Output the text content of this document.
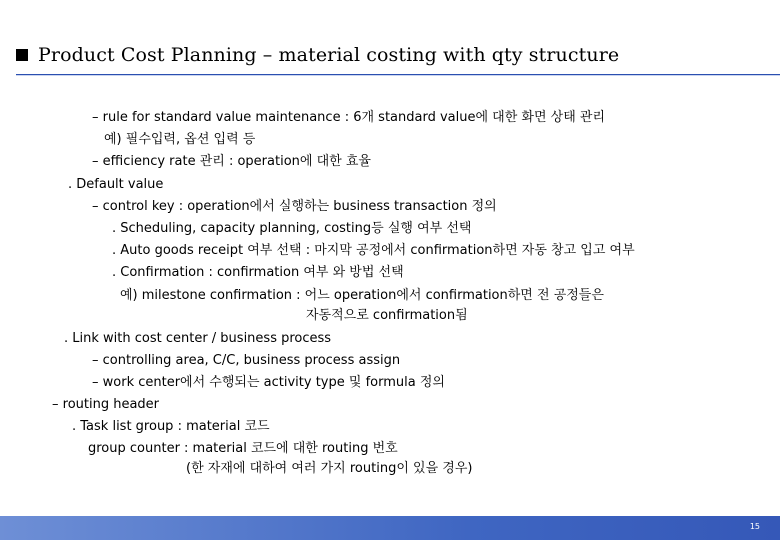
Product Cost Planning – material costing with qty structure
– rule for standard value maintenance : 6개 standard value에 대한 화면 상태 관리
예) 필수입력, 옵션 입력 등
– efficiency rate 관리 : operation에 대한 효율
. Default value
– control key : operation에서 실행하는 business transaction 정의
. Scheduling, capacity planning, costing등 실행 여부 선택
. Auto goods receipt 여부 선택 : 마지막 공정에서 confirmation하면 자동 창고 입고 여부
. Confirmation : confirmation 여부 와 방법 선택
예) milestone confirmation : 어느 operation에서 confirmation하면 전 공정들은
자동적으로 confirmation됨
. Link with cost center / business process
– controlling area, C/C, business process assign
– work center에서 수행되는 activity type 및 formula 정의
– routing header
. Task list group : material 코드
group counter : material 코드에 대한 routing 번호
(한 자재에 대하여 여러 가지 routing이 있을 경우)
15
